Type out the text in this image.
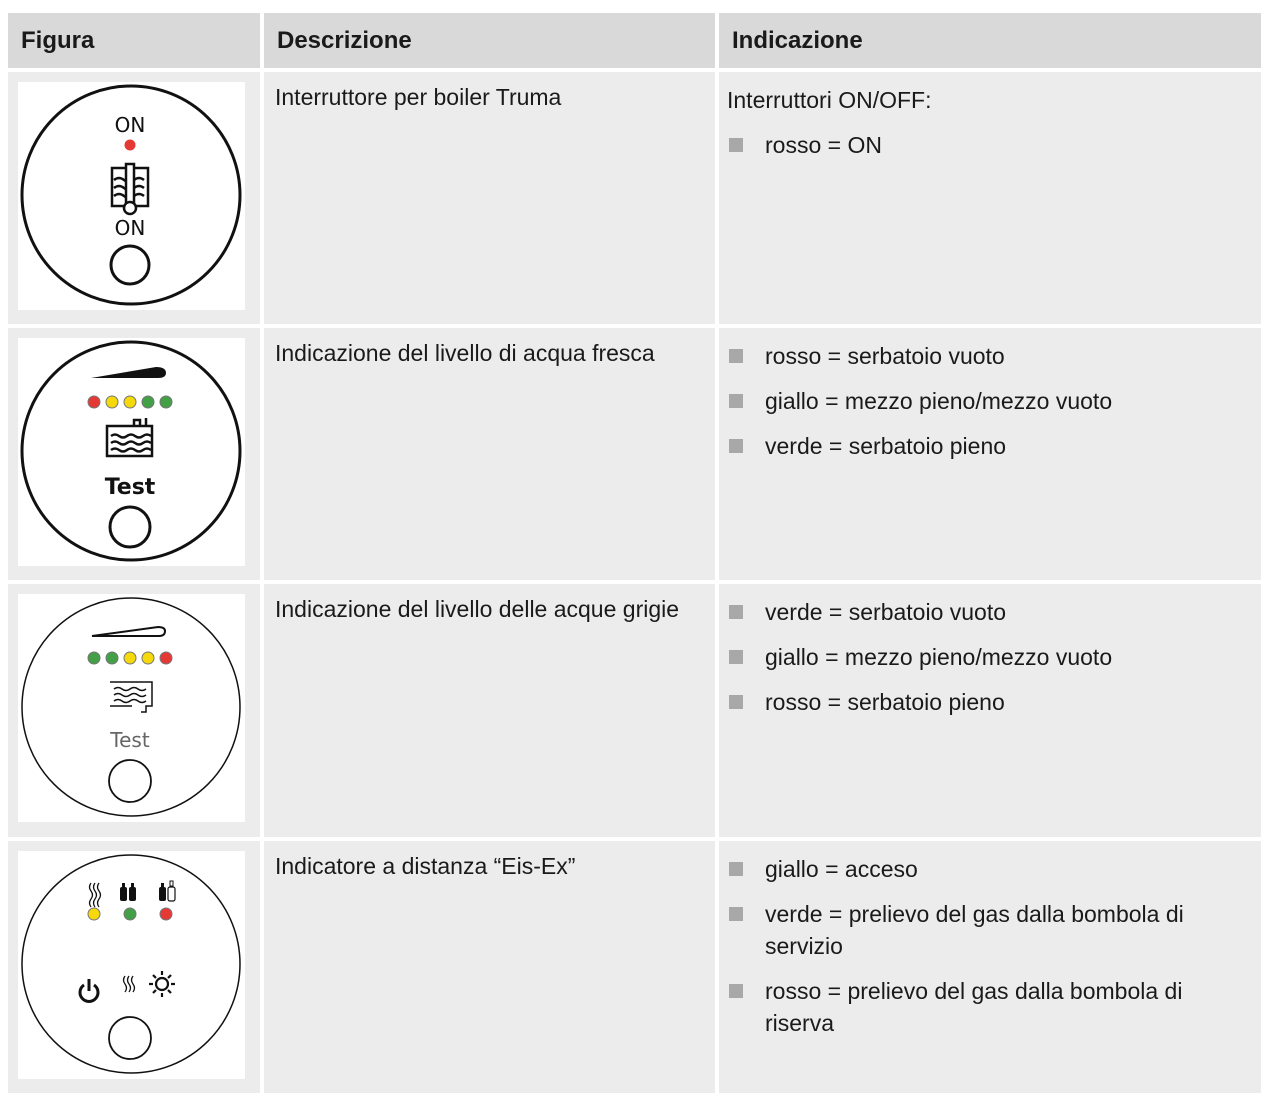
Figura	Descrizione	Indicazione
ON
ON
Interruttore per boiler Truma	Interruttori ON/OFF:
rosso = ON
Test
Indicazione del livello di acqua fresca	rosso = serbatoio vuoto
giallo = mezzo pieno/mezzo vuoto
verde = serbatoio pieno
Test
Indicazione del livello delle acque grigie	verde = serbatoio vuoto
giallo = mezzo pieno/mezzo vuoto
rosso = serbatoio pieno
Indicatore a distanza “Eis-Ex”	giallo = acceso
verde = prelievo del gas dalla bombola di servizio
rosso = prelievo del gas dalla bombola di riserva
